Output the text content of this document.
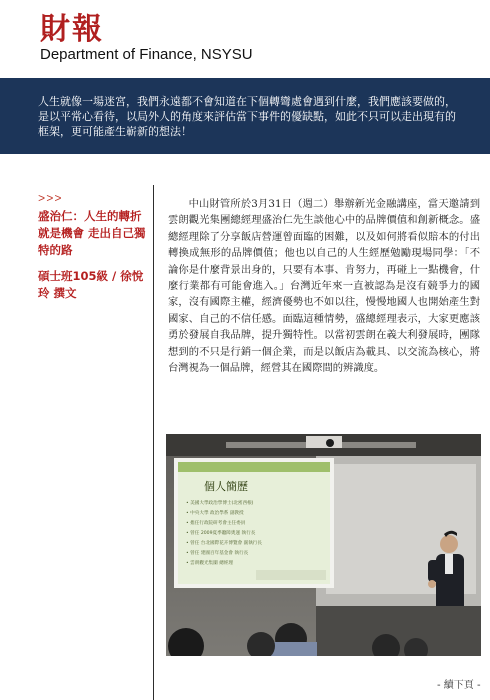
財報
Department of Finance, NSYSU
人生就像一場迷宮，我們永遠都不會知道在下個轉彎處會遇到什麼，我們應該要做的，是以平常心看待，以局外人的角度來評估當下事件的優缺點，如此不只可以走出現有的框架，更可能產生嶄新的想法！
>>>
盛治仁：人生的轉折就是機會 走出自己獨特的路
碩士班105級 / 徐悅玲 撰文

中山財管所於3月31日（週二）舉辦新光金融講座，當天邀請到雲朗觀光集團總經理盛治仁先生談他心中的品牌價值和創新概念。盛總經理除了分享飯店營運曾面臨的困難，以及如何將看似賠本的付出轉換成無形的品牌價值；他也以自己的人生經歷勉勵現場同學：「不論你是什麼背景出身的，只要有本事、肯努力，再碰上一點機會，什麼行業都有可能會進入。」台灣近年來一直被認為是沒有競爭力的國家，沒有國際主權，經濟優勢也不如以往，慢慢地國人也開始產生對國家、自己的不信任感。面臨這種情勢，盛總經理表示，大家更應該勇於發展自我品牌，提升獨特性。以當初雲朗在義大利發展時，團隊想到的不只是行銷一個企業，而是以飯店為載具、以交流為核心，將台灣視為一個品牌，經營其在國際間的辨識度。

個人簡歷
• 美國大學政治學博士(北密西根)
• 中央大學 政治學系 副教授
• 擔任行政院研考會主任委員
• 曾任 2009夏季聽障奧運 執行長
• 曾任 台北國際花卉博覽會 副執行長
• 曾任 建國百年基金會 執行長
• 雲朗觀光集團 總經理
- 續下頁 -
